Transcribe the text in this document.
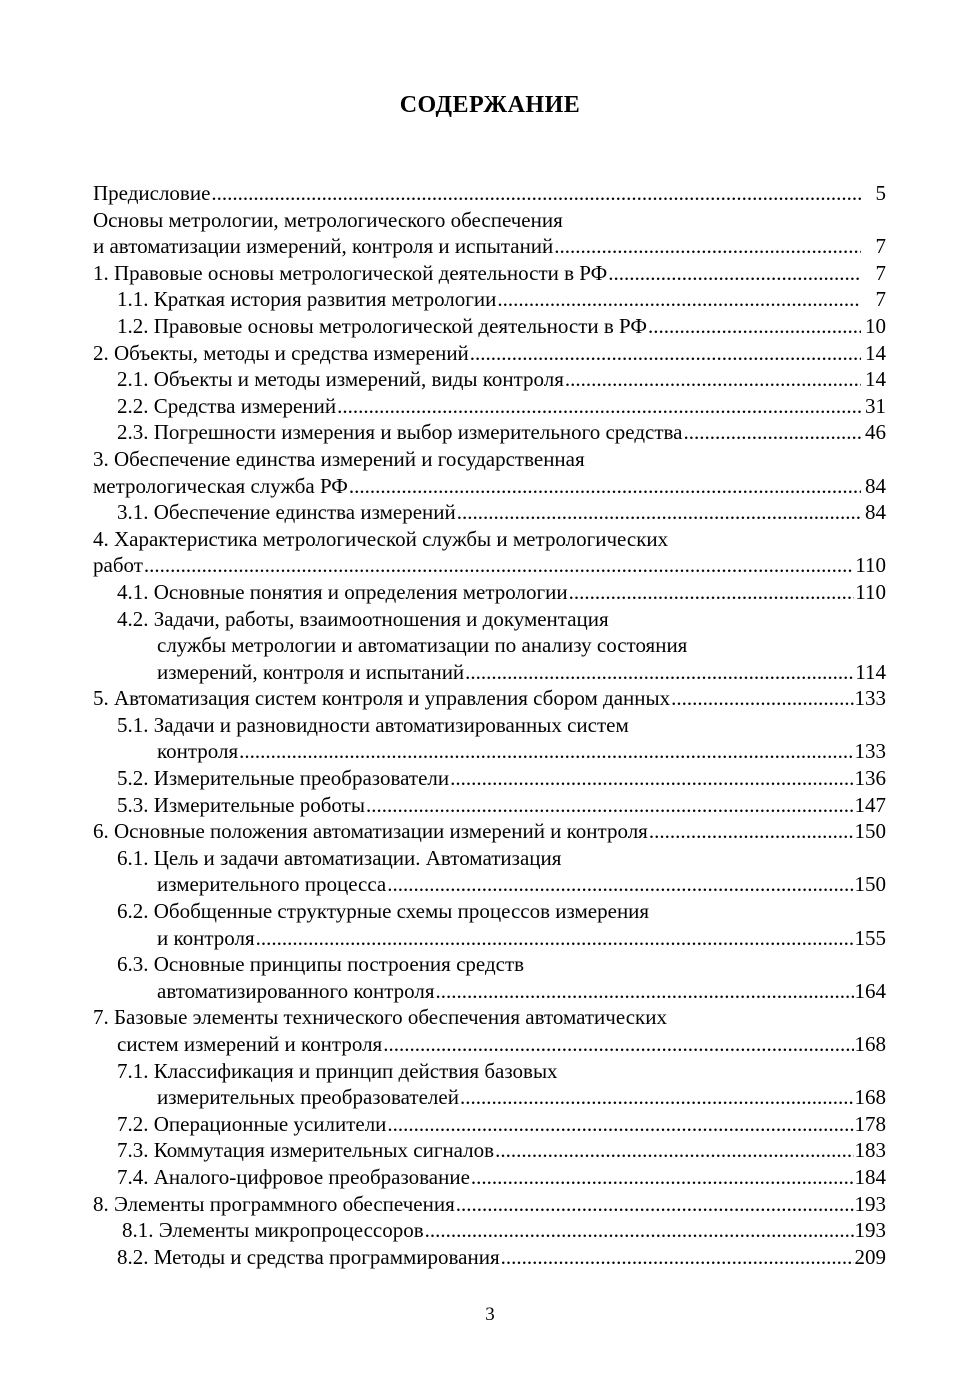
СОДЕРЖАНИЕ
Предисловие .....	5
Основы метрологии, метрологического обеспечения
и автоматизации измерений, контроля и испытаний .....	7
1. Правовые основы метрологической деятельности в РФ .....	7
1.1. Краткая история развития метрологии .....	7
1.2. Правовые основы метрологической деятельности в РФ .....	10
2. Объекты, методы и средства измерений .....	14
2.1. Объекты и методы измерений, виды контроля .....	14
2.2. Средства измерений .....	31
2.3. Погрешности измерения и выбор измерительного средства .....	46
3. Обеспечение единства измерений и государственная
метрологическая служба РФ .....	84
3.1. Обеспечение единства измерений .....	84
4. Характеристика метрологической службы и метрологических
работ .....	110
4.1. Основные понятия и определения метрологии .....	110
4.2. Задачи, работы, взаимоотношения и документация
службы метрологии и автоматизации по анализу состояния
измерений, контроля и испытаний .....	114
5. Автоматизация систем контроля и управления сбором данных .....	133
5.1. Задачи и разновидности автоматизированных систем
контроля .....	133
5.2. Измерительные преобразователи .....	136
5.3. Измерительные роботы .....	147
6. Основные положения автоматизации измерений и контроля .....	150
6.1. Цель и задачи автоматизации. Автоматизация
измерительного процесса .....	150
6.2. Обобщенные структурные схемы процессов измерения
и контроля .....	155
6.3. Основные принципы построения средств
автоматизированного контроля .....	164
7. Базовые элементы технического обеспечения автоматических
систем измерений и контроля .....	168
7.1. Классификация и принцип действия базовых
измерительных преобразователей .....	168
7.2. Операционные усилители .....	178
7.3. Коммутация измерительных сигналов .....	183
7.4. Аналого-цифровое преобразование .....	184
8. Элементы программного обеспечения .....	193
8.1. Элементы микропроцессоров .....	193
8.2. Методы и средства программирования .....	209
3
